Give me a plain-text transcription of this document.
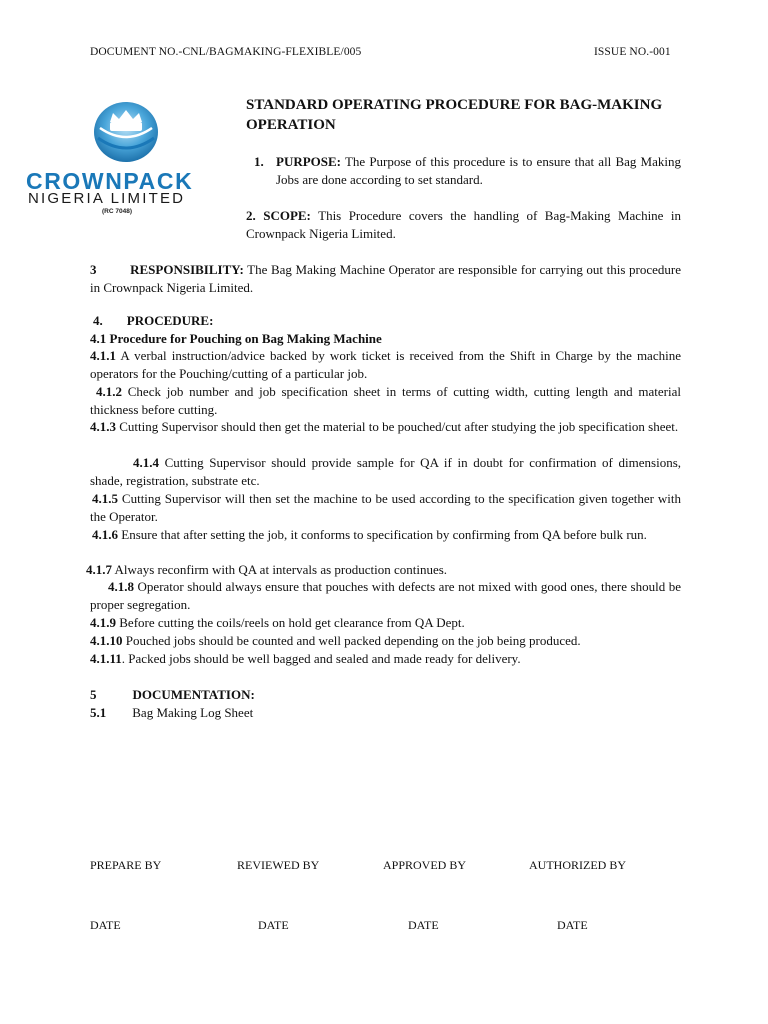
DOCUMENT NO.-CNL/BAGMAKING-FLEXIBLE/005	ISSUE NO.-001
CROWNPACK
NIGERIA LIMITED
(RC 7048)
STANDARD OPERATING PROCEDURE FOR BAG-MAKING OPERATION
1. PURPOSE: The Purpose of this procedure is to ensure that all Bag Making Jobs are done according to set standard.
2. SCOPE: This Procedure covers the handling of Bag-Making Machine in Crownpack Nigeria Limited.
3	RESPONSIBILITY: The Bag Making Machine Operator are responsible for carrying out this procedure in Crownpack Nigeria Limited.
4. PROCEDURE:
4.1 Procedure for Pouching on Bag Making Machine
4.1.1 A verbal instruction/advice backed by work ticket is received from the Shift in Charge by the machine operators for the Pouching/cutting of a particular job.
4.1.2 Check job number and job specification sheet in terms of cutting width, cutting length and material thickness before cutting.
4.1.3 Cutting Supervisor should then get the material to be pouched/cut after studying the job specification sheet.
4.1.4 Cutting Supervisor should provide sample for QA if in doubt for confirmation of dimensions, shade, registration, substrate etc.
4.1.5 Cutting Supervisor will then set the machine to be used according to the specification given together with the Operator.
4.1.6 Ensure that after setting the job, it conforms to specification by confirming from QA before bulk run.
4.1.7 Always reconfirm with QA at intervals as production continues.
4.1.8 Operator should always ensure that pouches with defects are not mixed with good ones, there should be proper segregation.
4.1.9 Before cutting the coils/reels on hold get clearance from QA Dept.
4.1.10 Pouched jobs should be counted and well packed depending on the job being produced.
4.1.11. Packed jobs should be well bagged and sealed and made ready for delivery.
5	DOCUMENTATION:
5.1 Bag Making Log Sheet
PREPARE BY	REVIEWED BY	APPROVED BY	AUTHORIZED BY
DATE	DATE	DATE	DATE
